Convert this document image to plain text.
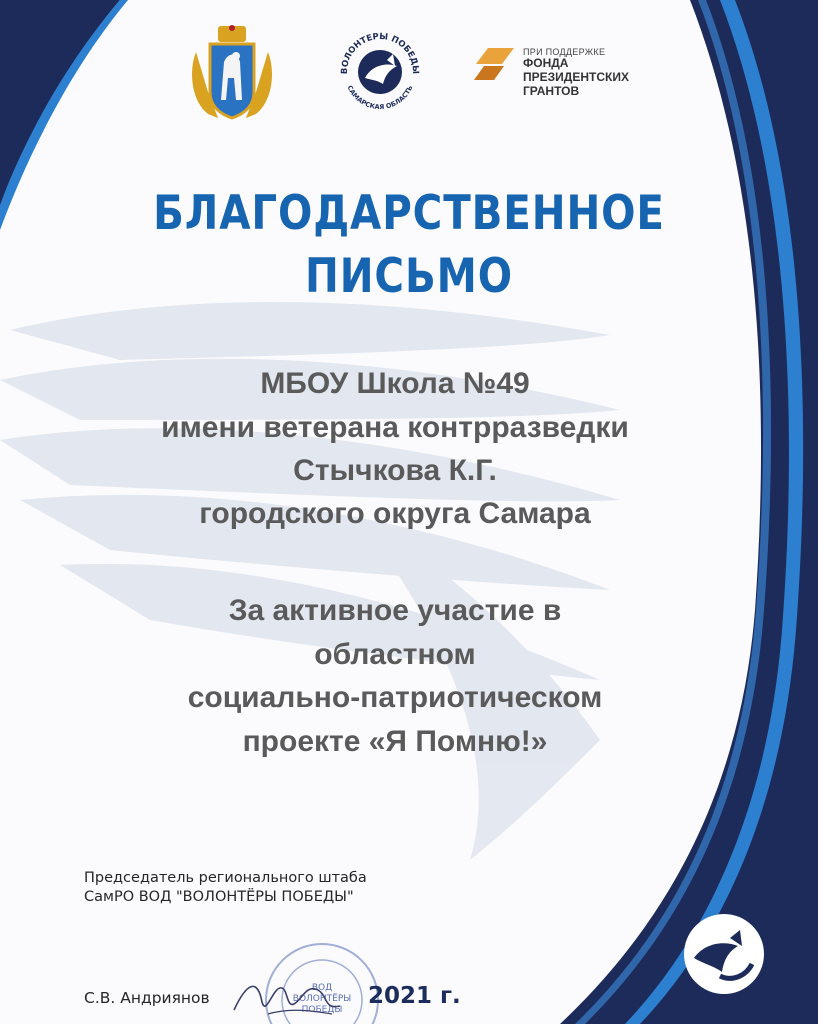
ВОЛОНТЕРЫ ПОБЕДЫ
САМАРСКАЯ ОБЛАСТЬ
ПРИ ПОДДЕРЖКЕ
ФОНДА
ПРЕЗИДЕНТСКИХ
ГРАНТОВ
БЛАГОДАРСТВЕННОЕ
ПИСЬМО
МБОУ Школа №49
имени ветерана контрразведки
Стычкова К.Г.
городского округа Самара
За активное участие в
областном
социально-патриотическом
проекте «Я Помню!»
Председатель регионального штаба
СамРО ВОД "ВОЛОНТЁРЫ ПОБЕДЫ"
ВОД
ВОЛОНТЁРЫ
ПОБЕДЫ
С.В. Андриянов	2021 г.
